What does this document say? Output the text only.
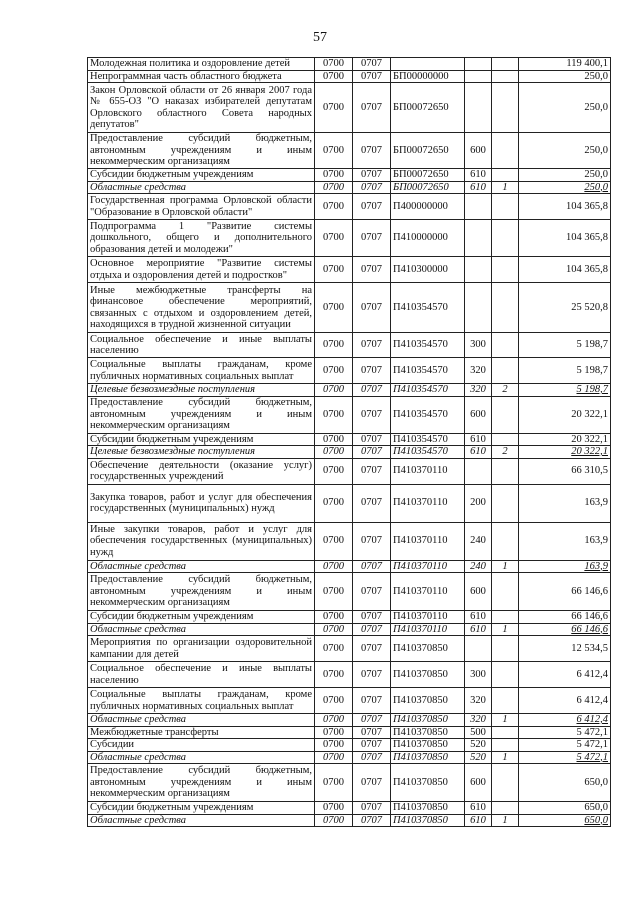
57
Молодежная политика и оздоровление детей	0700	0707				119 400,1
Непрограммная часть областного бюджета	0700	0707	БП00000000			250,0
Закон Орловской области от 26 января 2007 года № 655-ОЗ "О наказах избирателей депутатам Орловского областного Совета народных депутатов"	0700	0707	БП00072650			250,0
Предоставление субсидий бюджетным, автономным учреждениям и иным некоммерческим организациям	0700	0707	БП00072650	600		250,0
Субсидии бюджетным учреждениям	0700	0707	БП00072650	610		250,0
Областные средства	0700	0707	БП00072650	610	1	250,0
Государственная программа Орловской области "Образование в Орловской области"	0700	0707	П400000000			104 365,8
Подпрограмма 1 "Развитие системы дошкольного, общего и дополнительного образования детей и молодежи"	0700	0707	П410000000			104 365,8
Основное мероприятие "Развитие системы отдыха и оздоровления детей и подростков"	0700	0707	П410300000			104 365,8
Иные межбюджетные трансферты на финансовое обеспечение мероприятий, связанных с отдыхом и оздоровлением детей, находящихся в трудной жизненной ситуации	0700	0707	П410354570			25 520,8
Социальное обеспечение и иные выплаты населению	0700	0707	П410354570	300		5 198,7
Социальные выплаты гражданам, кроме публичных нормативных социальных выплат	0700	0707	П410354570	320		5 198,7
Целевые безвозмездные поступления	0700	0707	П410354570	320	2	5 198,7
Предоставление субсидий бюджетным, автономным учреждениям и иным некоммерческим организациям	0700	0707	П410354570	600		20 322,1
Субсидии бюджетным учреждениям	0700	0707	П410354570	610		20 322,1
Целевые безвозмездные поступления	0700	0707	П410354570	610	2	20 322,1
Обеспечение деятельности (оказание услуг) государственных учреждений	0700	0707	П410370110			66 310,5
Закупка товаров, работ и услуг для обеспечения государственных (муниципальных) нужд	0700	0707	П410370110	200		163,9
Иные закупки товаров, работ и услуг для обеспечения государственных (муниципальных) нужд	0700	0707	П410370110	240		163,9
Областные средства	0700	0707	П410370110	240	1	163,9
Предоставление субсидий бюджетным, автономным учреждениям и иным некоммерческим организациям	0700	0707	П410370110	600		66 146,6
Субсидии бюджетным учреждениям	0700	0707	П410370110	610		66 146,6
Областные средства	0700	0707	П410370110	610	1	66 146,6
Мероприятия по организации оздоровительной кампании для детей	0700	0707	П410370850			12 534,5
Социальное обеспечение и иные выплаты населению	0700	0707	П410370850	300		6 412,4
Социальные выплаты гражданам, кроме публичных нормативных социальных выплат	0700	0707	П410370850	320		6 412,4
Областные средства	0700	0707	П410370850	320	1	6 412,4
Межбюджетные трансферты	0700	0707	П410370850	500		5 472,1
Субсидии	0700	0707	П410370850	520		5 472,1
Областные средства	0700	0707	П410370850	520	1	5 472,1
Предоставление субсидий бюджетным, автономным учреждениям и иным некоммерческим организациям	0700	0707	П410370850	600		650,0
Субсидии бюджетным учреждениям	0700	0707	П410370850	610		650,0
Областные средства	0700	0707	П410370850	610	1	650,0
